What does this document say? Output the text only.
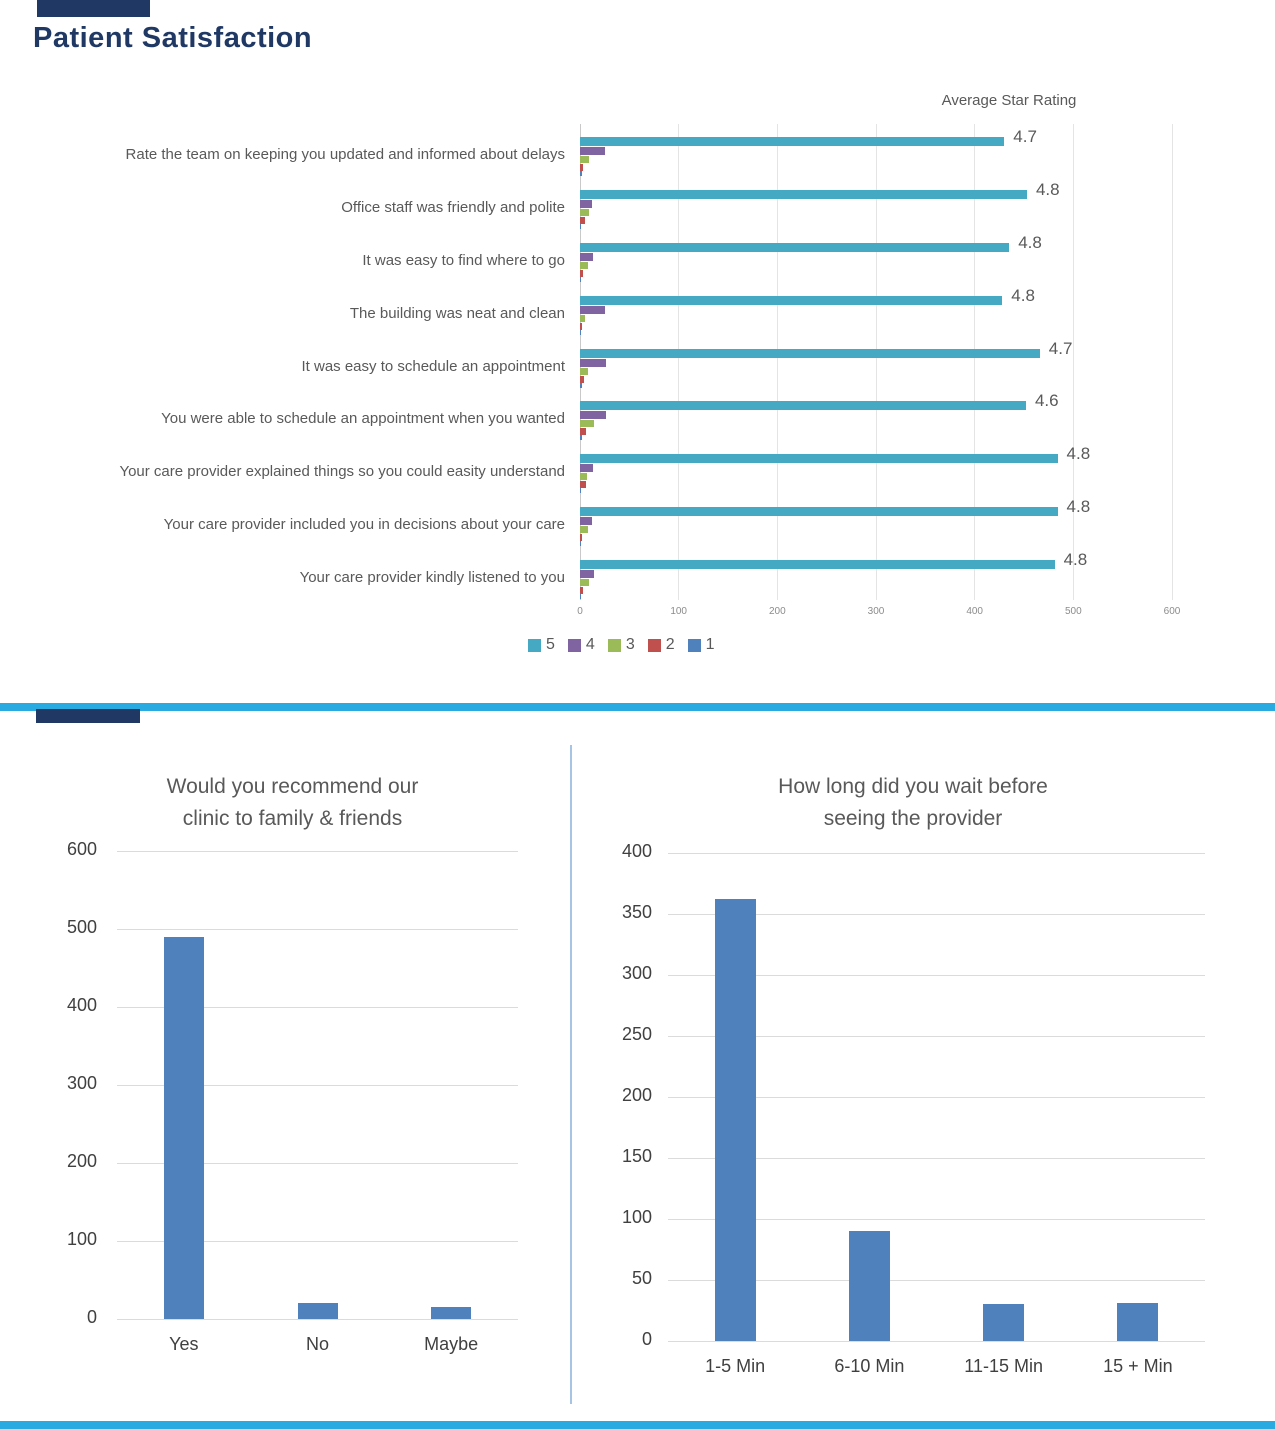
Patient Satisfaction
Average Star Rating
5 4 3 2 1
Would you recommend our
clinic to family & friends
How long did you wait before
seeing the provider
0	100	200	300	400	500	600
4.7
Rate the team on keeping you updated and informed about delays
4.8
Office staff was friendly and polite
4.8
It was easy to find where to go
4.8
The building was neat and clean
4.7
It was easy to schedule an appointment
4.6
You were able to schedule an appointment when you wanted
4.8
Your care provider explained things so you could easity understand
4.8
Your care provider included you in decisions about your care
4.8
Your care provider kindly listened to you
0
100
200
300
400
500
600
Yes	No	Maybe	0
50
100
150
200
250
300
350
400
1-5 Min	6-10 Min	11-15 Min	15 + Min
